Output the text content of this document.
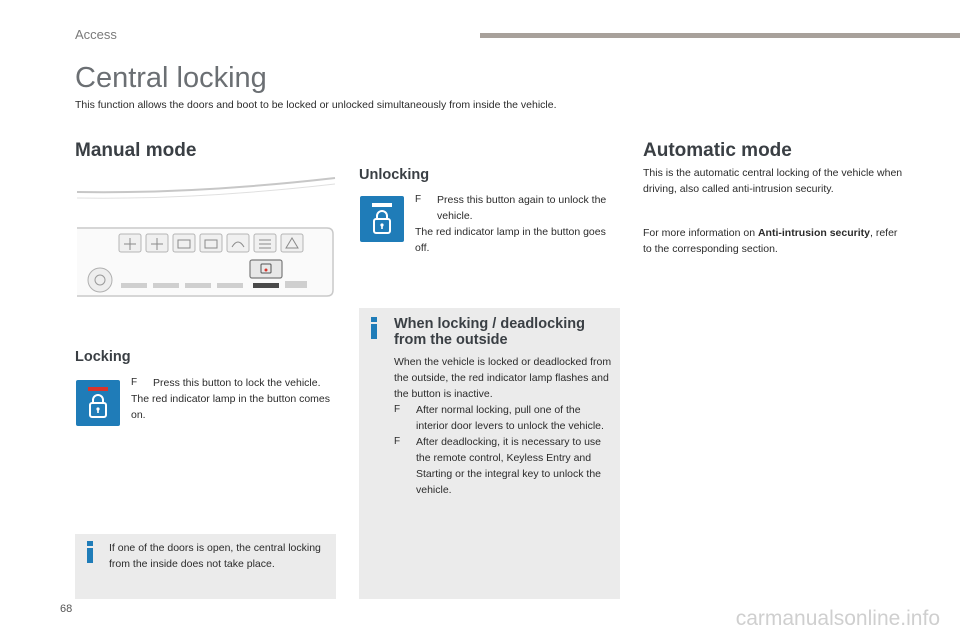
Access
Central locking
This function allows the doors and boot to be locked or unlocked simultaneously from inside the vehicle.
Manual mode
Locking
F Press this button to lock the vehicle.
The red indicator lamp in the button comes on.
If one of the doors is open, the central locking from the inside does not take place.
Unlocking
F Press this button again to unlock the vehicle.
The red indicator lamp in the button goes off.
When locking / deadlocking from the outside
When the vehicle is locked or deadlocked from the outside, the red indicator lamp flashes and the button is inactive.
F After normal locking, pull one of the interior door levers to unlock the vehicle.
F After deadlocking, it is necessary to use the remote control, Keyless Entry and Starting or the integral key to unlock the vehicle.
Automatic mode
This is the automatic central locking of the vehicle when driving, also called anti-intrusion security.
For more information on Anti-intrusion security, refer to the corresponding section.
68	carmanualsonline.info
